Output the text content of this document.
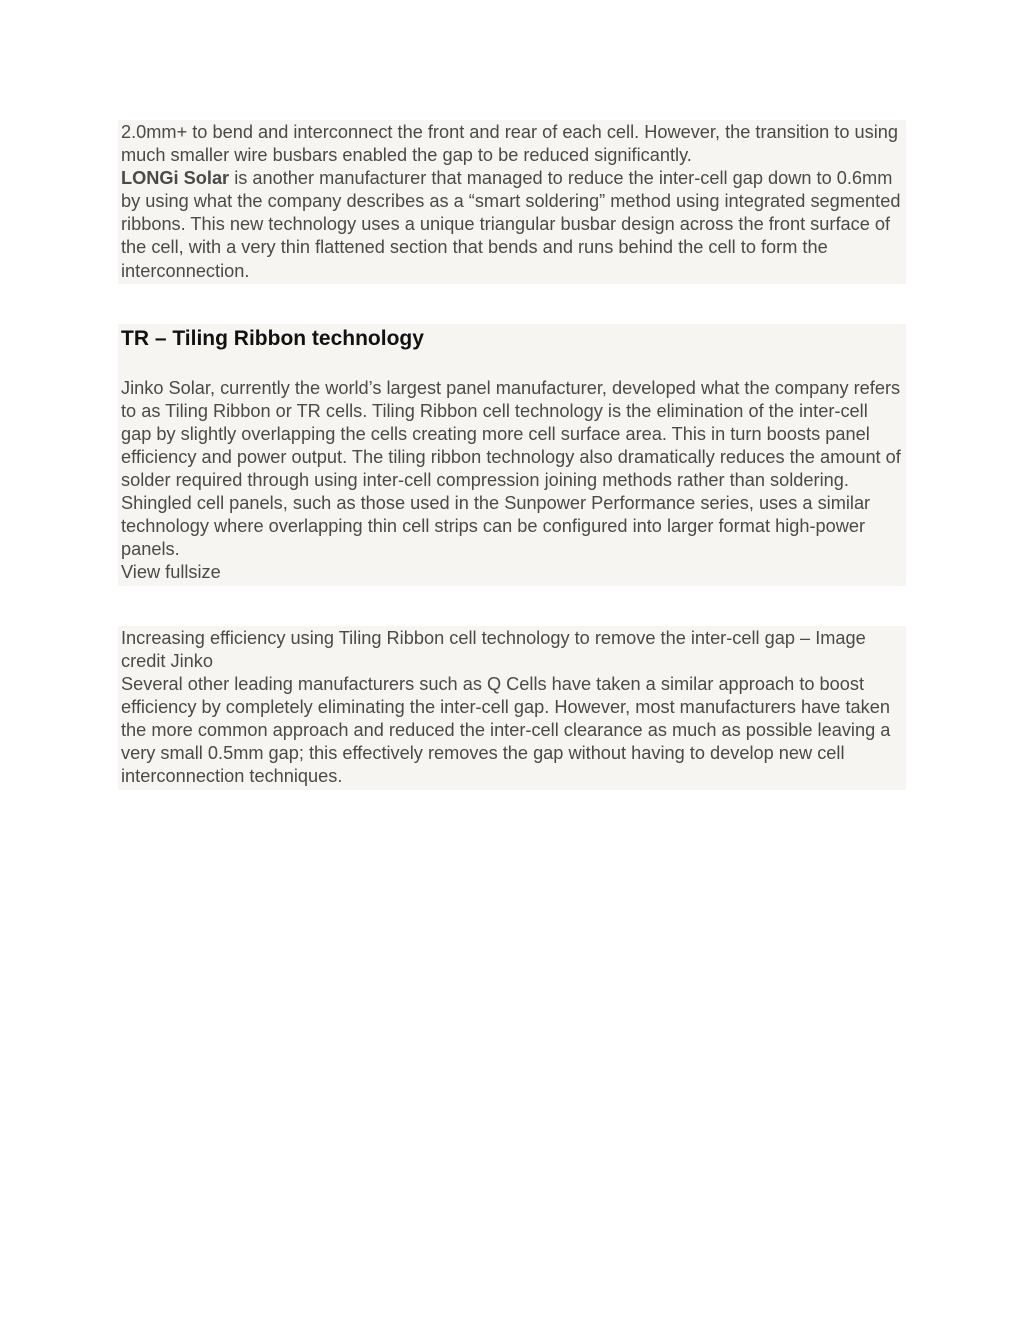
2.0mm+ to bend and interconnect the front and rear of each cell. However, the transition to using much smaller wire busbars enabled the gap to be reduced significantly.

LONGi Solar is another manufacturer that managed to reduce the inter-cell gap down to 0.6mm by using what the company describes as a “smart soldering” method using integrated segmented ribbons. This new technology uses a unique triangular busbar design across the front surface of the cell, with a very thin flattened section that bends and runs behind the cell to form the interconnection.

TR – Tiling Ribbon technology

Jinko Solar, currently the world’s largest panel manufacturer, developed what the company refers to as Tiling Ribbon or TR cells. Tiling Ribbon cell technology is the elimination of the inter-cell gap by slightly overlapping the cells creating more cell surface area. This in turn boosts panel efficiency and power output. The tiling ribbon technology also dramatically reduces the amount of solder required through using inter-cell compression joining methods rather than soldering. Shingled cell panels, such as those used in the Sunpower Performance series, uses a similar technology where overlapping thin cell strips can be configured into larger format high-power panels.

View fullsize

Increasing efficiency using Tiling Ribbon cell technology to remove the inter-cell gap – Image credit Jinko

Several other leading manufacturers such as Q Cells have taken a similar approach to boost efficiency by completely eliminating the inter-cell gap. However, most manufacturers have taken the more common approach and reduced the inter-cell clearance as much as possible leaving a very small 0.5mm gap; this effectively removes the gap without having to develop new cell interconnection techniques.
